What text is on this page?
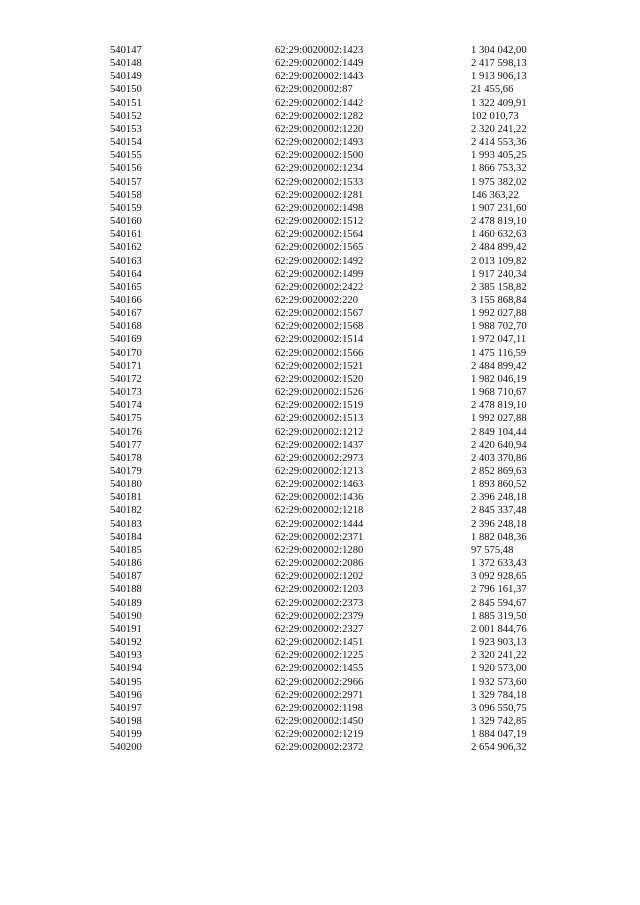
540147	62:29:0020002:1423	1 304 042,00
540148	62:29:0020002:1449	2 417 598,13
540149	62:29:0020002:1443	1 913 906,13
540150	62:29:0020002:87	21 455,66
540151	62:29:0020002:1442	1 322 409,91
540152	62:29:0020002:1282	102 010,73
540153	62:29:0020002:1220	2 320 241,22
540154	62:29:0020002:1493	2 414 553,36
540155	62:29:0020002:1500	1 993 405,25
540156	62:29:0020002:1234	1 866 753,32
540157	62:29:0020002:1533	1 975 382,02
540158	62:29:0020002:1281	146 363,22
540159	62:29:0020002:1498	1 907 231,60
540160	62:29:0020002:1512	2 478 819,10
540161	62:29:0020002:1564	1 460 632,63
540162	62:29:0020002:1565	2 484 899,42
540163	62:29:0020002:1492	2 013 109,82
540164	62:29:0020002:1499	1 917 240,34
540165	62:29:0020002:2422	2 385 158,82
540166	62:29:0020002:220	3 155 868,84
540167	62:29:0020002:1567	1 992 027,88
540168	62:29:0020002:1568	1 988 702,70
540169	62:29:0020002:1514	1 972 047,11
540170	62:29:0020002:1566	1 475 116,59
540171	62:29:0020002:1521	2 484 899,42
540172	62:29:0020002:1520	1 982 046,19
540173	62:29:0020002:1526	1 968 710,67
540174	62:29:0020002:1519	2 478 819,10
540175	62:29:0020002:1513	1 992 027,88
540176	62:29:0020002:1212	2 849 104,44
540177	62:29:0020002:1437	2 420 640,94
540178	62:29:0020002:2973	2 403 370,86
540179	62:29:0020002:1213	2 852 869,63
540180	62:29:0020002:1463	1 893 860,52
540181	62:29:0020002:1436	2 396 248,18
540182	62:29:0020002:1218	2 845 337,48
540183	62:29:0020002:1444	2 396 248,18
540184	62:29:0020002:2371	1 882 048,36
540185	62:29:0020002:1280	97 575,48
540186	62:29:0020002:2086	1 372 633,43
540187	62:29:0020002:1202	3 092 928,65
540188	62:29:0020002:1203	2 796 161,37
540189	62:29:0020002:2373	2 845 594,67
540190	62:29:0020002:2379	1 885 319,50
540191	62:29:0020002:2327	2 001 844,76
540192	62:29:0020002:1451	1 923 903,13
540193	62:29:0020002:1225	2 320 241,22
540194	62:29:0020002:1455	1 920 573,00
540195	62:29:0020002:2966	1 932 573,60
540196	62:29:0020002:2971	1 329 784,18
540197	62:29:0020002:1198	3 096 550,75
540198	62:29:0020002:1450	1 329 742,85
540199	62:29:0020002:1219	1 884 047,19
540200	62:29:0020002:2372	2 654 906,32
